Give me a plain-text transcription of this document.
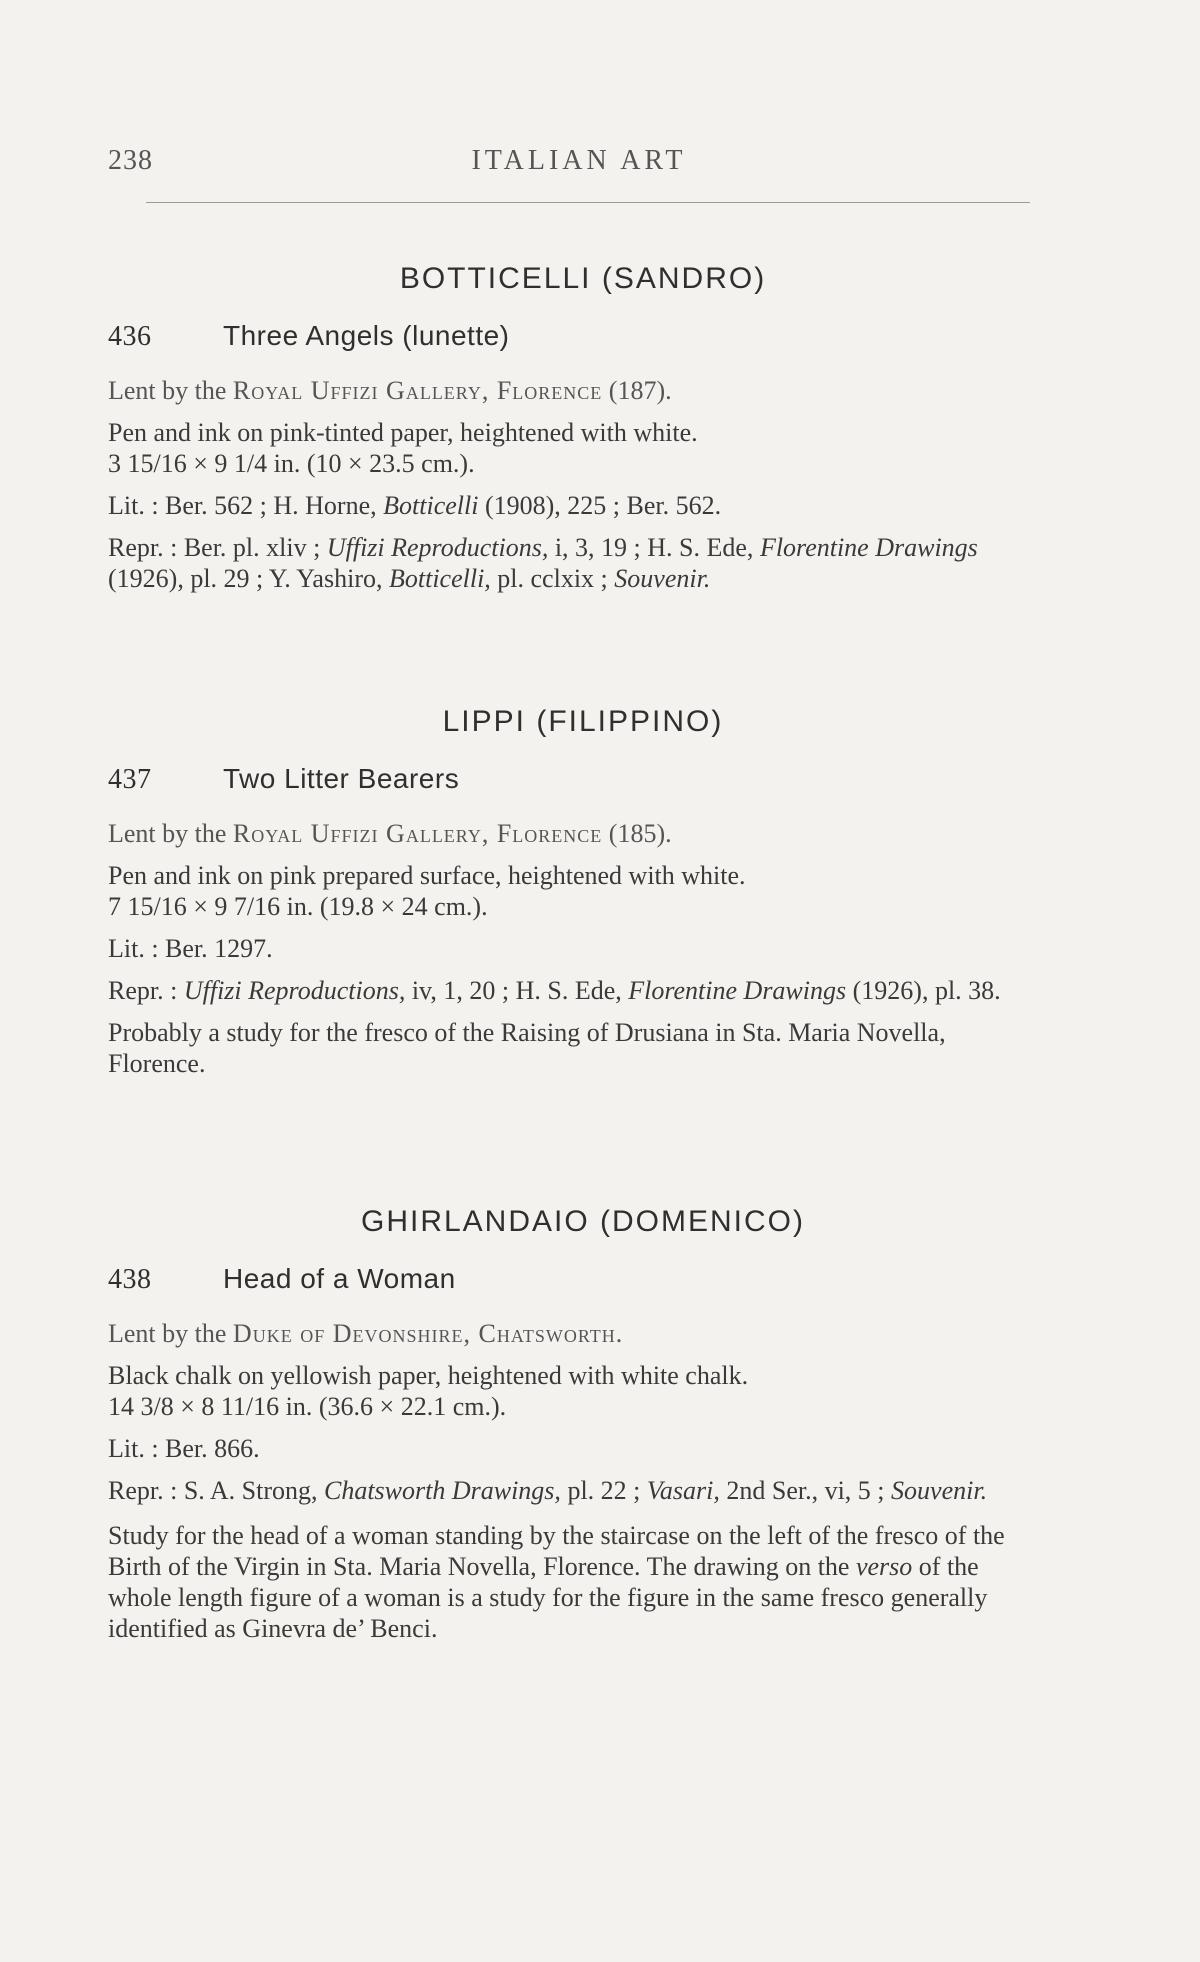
238	ITALIAN ART
BOTTICELLI (SANDRO)
436	Three Angels (lunette)

Lent by the Royal Uffizi Gallery, Florence (187).

Pen and ink on pink-tinted paper, heightened with white.
3 15/16 × 9 1/4 in. (10 × 23.5 cm.).

Lit. : Ber. 562 ; H. Horne, Botticelli (1908), 225 ; Ber. 562.

Repr. : Ber. pl. xliv ; Uffizi Reproductions, i, 3, 19 ; H. S. Ede, Florentine Drawings (1926), pl. 29 ; Y. Yashiro, Botticelli, pl. cclxix ; Souvenir.

LIPPI (FILIPPINO)
437	Two Litter Bearers

Lent by the Royal Uffizi Gallery, Florence (185).

Pen and ink on pink prepared surface, heightened with white.
7 15/16 × 9 7/16 in. (19.8 × 24 cm.).

Lit. : Ber. 1297.

Repr. : Uffizi Reproductions, iv, 1, 20 ; H. S. Ede, Florentine Drawings (1926), pl. 38.

Probably a study for the fresco of the Raising of Drusiana in Sta. Maria Novella, Florence.

GHIRLANDAIO (DOMENICO)
438	Head of a Woman

Lent by the Duke of Devonshire, Chatsworth.

Black chalk on yellowish paper, heightened with white chalk.
14 3/8 × 8 11/16 in. (36.6 × 22.1 cm.).

Lit. : Ber. 866.

Repr. : S. A. Strong, Chatsworth Drawings, pl. 22 ; Vasari, 2nd Ser., vi, 5 ; Souvenir.

Study for the head of a woman standing by the staircase on the left of the fresco of the Birth of the Virgin in Sta. Maria Novella, Florence. The drawing on the verso of the whole length figure of a woman is a study for the figure in the same fresco generally identified as Ginevra de’ Benci.
